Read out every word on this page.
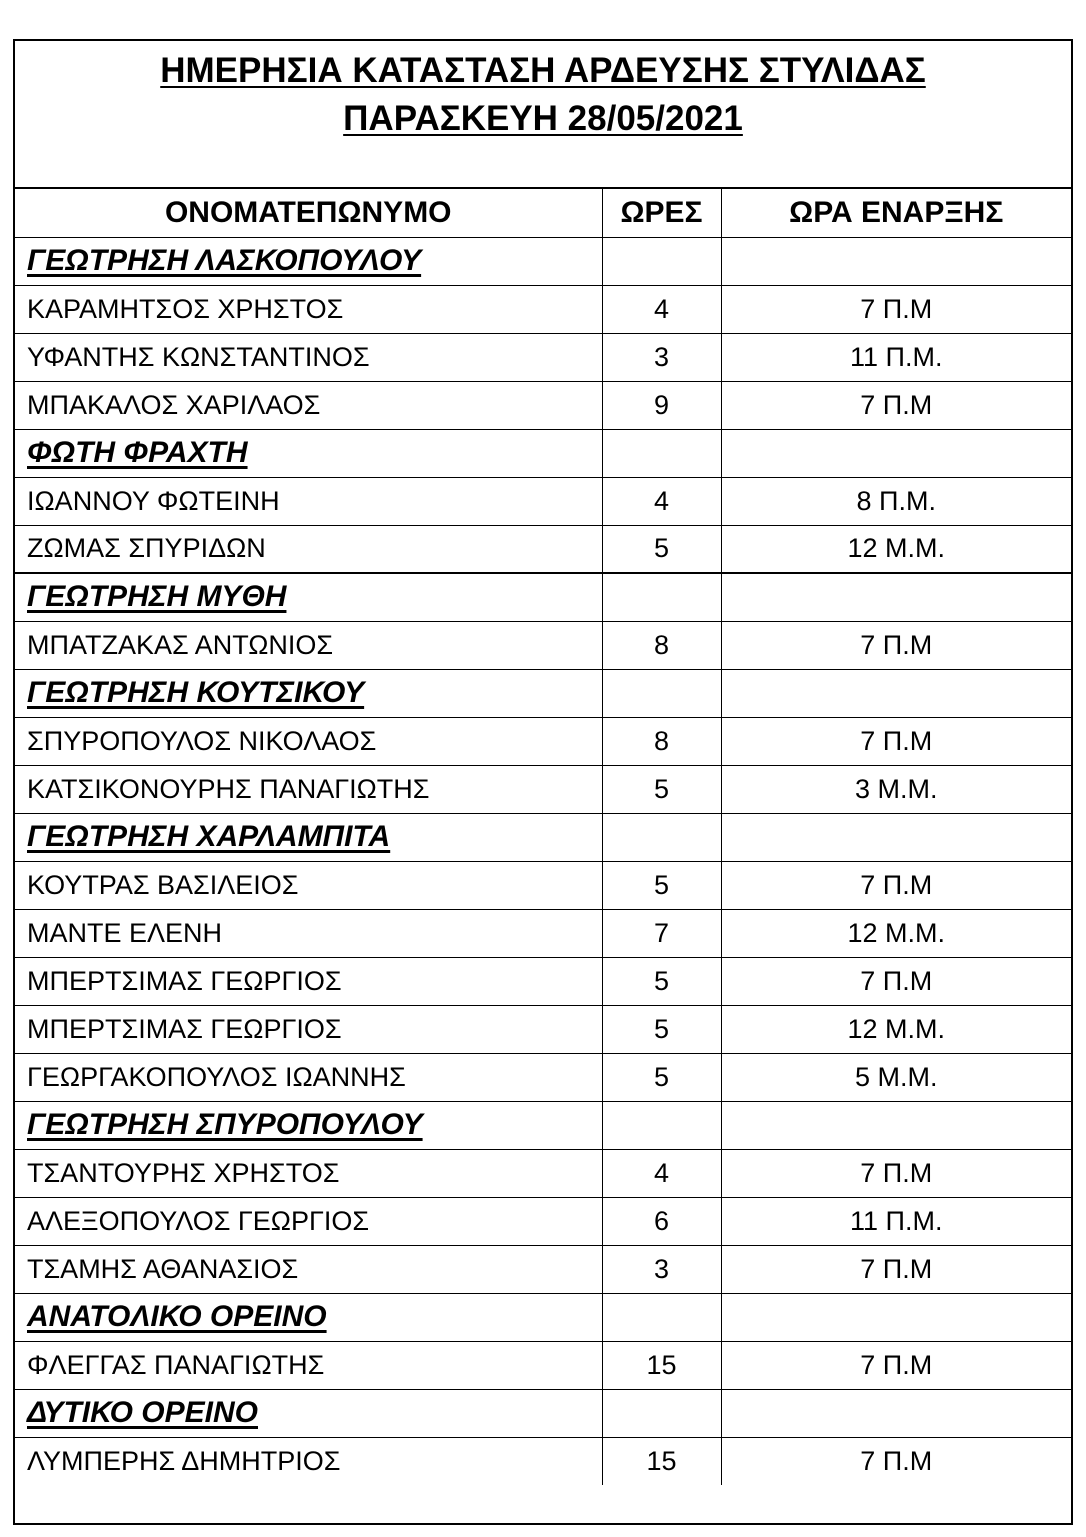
ΗΜΕΡΗΣΙΑ ΚΑΤΑΣΤΑΣΗ ΑΡΔΕΥΣΗΣ ΣΤΥΛΙΔΑΣ
ΠΑΡΑΣΚΕΥΗ 28/05/2021
ΟΝΟΜΑΤΕΠΩΝΥΜΟ	ΩΡΕΣ	ΩΡΑ ΕΝΑΡΞΗΣ
ΓΕΩΤΡΗΣΗ ΛΑΣΚΟΠΟΥΛΟΥ		
ΚΑΡΑΜΗΤΣΟΣ ΧΡΗΣΤΟΣ	4	7 Π.Μ
ΥΦΑΝΤΗΣ ΚΩΝΣΤΑΝΤΙΝΟΣ	3	11 Π.Μ.
ΜΠΑΚΑΛΟΣ ΧΑΡΙΛΑΟΣ	9	7 Π.Μ
ΦΩΤΗ ΦΡΑΧΤΗ		
ΙΩΑΝΝΟΥ ΦΩΤΕΙΝΗ	4	8 Π.Μ.
ΖΩΜΑΣ ΣΠΥΡΙΔΩΝ	5	12 Μ.Μ.
ΓΕΩΤΡΗΣΗ ΜΥΘΗ		
ΜΠΑΤΖΑΚΑΣ ΑΝΤΩΝΙΟΣ	8	7 Π.Μ
ΓΕΩΤΡΗΣΗ ΚΟΥΤΣΙΚΟΥ		
ΣΠΥΡΟΠΟΥΛΟΣ ΝΙΚΟΛΑΟΣ	8	7 Π.Μ
ΚΑΤΣΙΚΟΝΟΥΡΗΣ ΠΑΝΑΓΙΩΤΗΣ	5	3 Μ.Μ.
ΓΕΩΤΡΗΣΗ ΧΑΡΛΑΜΠΙΤΑ		
ΚΟΥΤΡΑΣ ΒΑΣΙΛΕΙΟΣ	5	7 Π.Μ
ΜΑΝΤΕ ΕΛΕΝΗ	7	12 Μ.Μ.
ΜΠΕΡΤΣΙΜΑΣ ΓΕΩΡΓΙΟΣ	5	7 Π.Μ
ΜΠΕΡΤΣΙΜΑΣ ΓΕΩΡΓΙΟΣ	5	12 Μ.Μ.
ΓΕΩΡΓΑΚΟΠΟΥΛΟΣ ΙΩΑΝΝΗΣ	5	5 Μ.Μ.
ΓΕΩΤΡΗΣΗ ΣΠΥΡΟΠΟΥΛΟΥ		
ΤΣΑΝΤΟΥΡΗΣ ΧΡΗΣΤΟΣ	4	7 Π.Μ
ΑΛΕΞΟΠΟΥΛΟΣ ΓΕΩΡΓΙΟΣ	6	11 Π.Μ.
ΤΣΑΜΗΣ ΑΘΑΝΑΣΙΟΣ	3	7 Π.Μ
ΑΝΑΤΟΛΙΚΟ ΟΡΕΙΝΟ		
ΦΛΕΓΓΑΣ ΠΑΝΑΓΙΩΤΗΣ	15	7 Π.Μ
ΔΥΤΙΚΟ ΟΡΕΙΝΟ		
ΛΥΜΠΕΡΗΣ ΔΗΜΗΤΡΙΟΣ	15	7 Π.Μ
